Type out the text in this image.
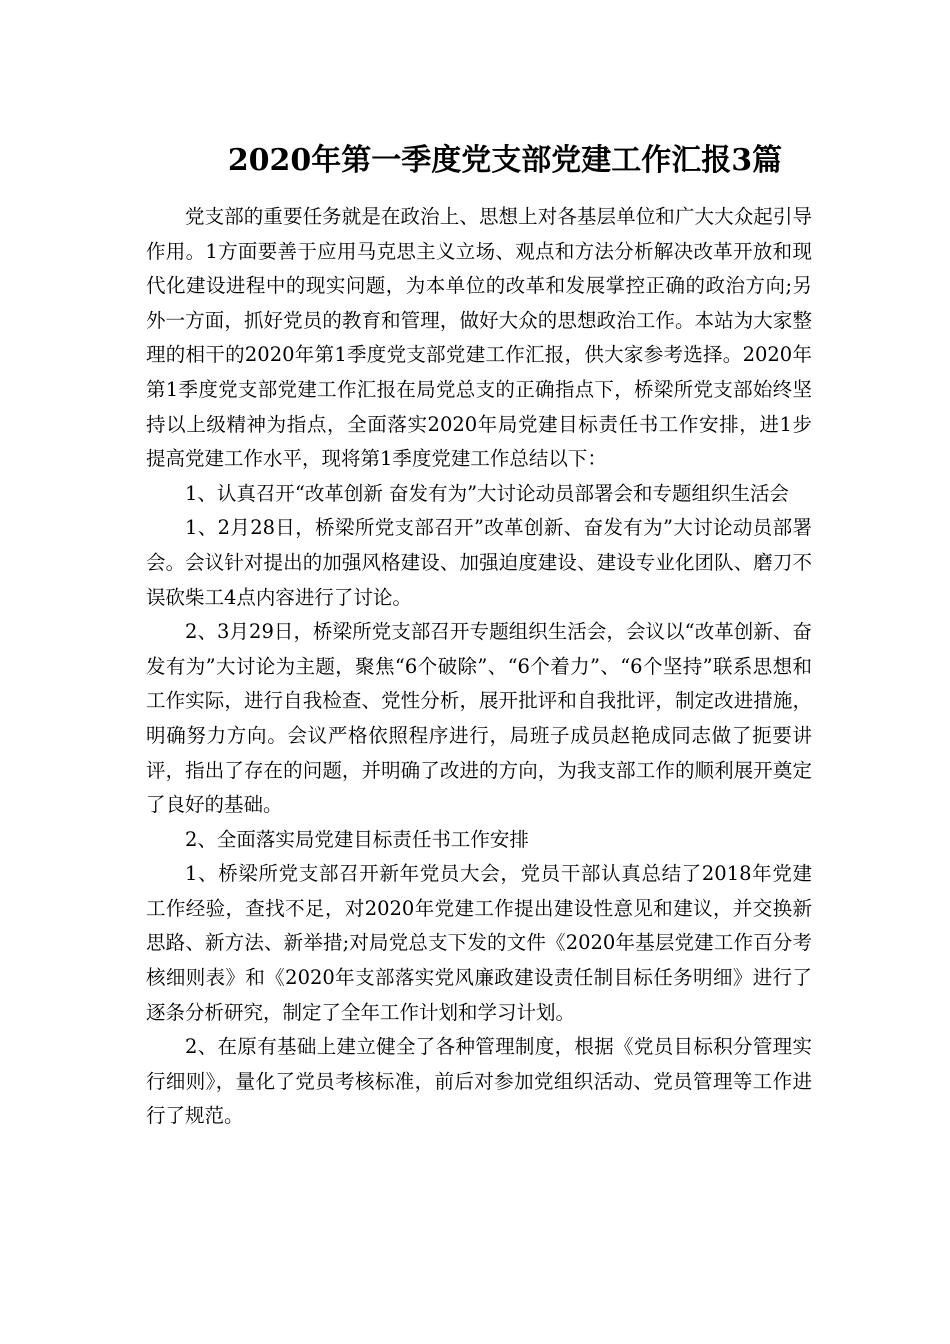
2020年第一季度党支部党建工作汇报3篇

党支部的重要任务就是在政治上、思想上对各基层单位和广大大众起引导作用。1方面要善于应用马克思主义立场、观点和方法分析解决改革开放和现代化建设进程中的现实问题，为本单位的改革和发展掌控正确的政治方向;另外一方面，抓好党员的教育和管理，做好大众的思想政治工作。本站为大家整理的相干的2020年第1季度党支部党建工作汇报，供大家参考选择。2020年第1季度党支部党建工作汇报在局党总支的正确指点下，桥梁所党支部始终坚持以上级精神为指点，全面落实2020年局党建目标责任书工作安排，进1步提高党建工作水平，现将第1季度党建工作总结以下：

1、认真召开“改革创新 奋发有为”大讨论动员部署会和专题组织生活会

1、2月28日，桥梁所党支部召开”改革创新、奋发有为”大讨论动员部署会。会议针对提出的加强风格建设、加强迫度建设、建设专业化团队、磨刀不误砍柴工4点内容进行了讨论。

2、3月29日，桥梁所党支部召开专题组织生活会，会议以“改革创新、奋发有为”大讨论为主题，聚焦“6个破除”、“6个着力”、“6个坚持”联系思想和工作实际，进行自我检查、党性分析，展开批评和自我批评，制定改进措施，明确努力方向。会议严格依照程序进行，局班子成员赵艳成同志做了扼要讲评，指出了存在的问题，并明确了改进的方向，为我支部工作的顺利展开奠定了良好的基础。

2、全面落实局党建目标责任书工作安排

1、桥梁所党支部召开新年党员大会，党员干部认真总结了2018年党建工作经验，查找不足，对2020年党建工作提出建设性意见和建议，并交换新思路、新方法、新举措;对局党总支下发的文件《2020年基层党建工作百分考核细则表》和《2020年支部落实党风廉政建设责任制目标任务明细》进行了逐条分析研究，制定了全年工作计划和学习计划。

2、在原有基础上建立健全了各种管理制度，根据《党员目标积分管理实行细则》，量化了党员考核标准，前后对参加党组织活动、党员管理等工作进行了规范。
